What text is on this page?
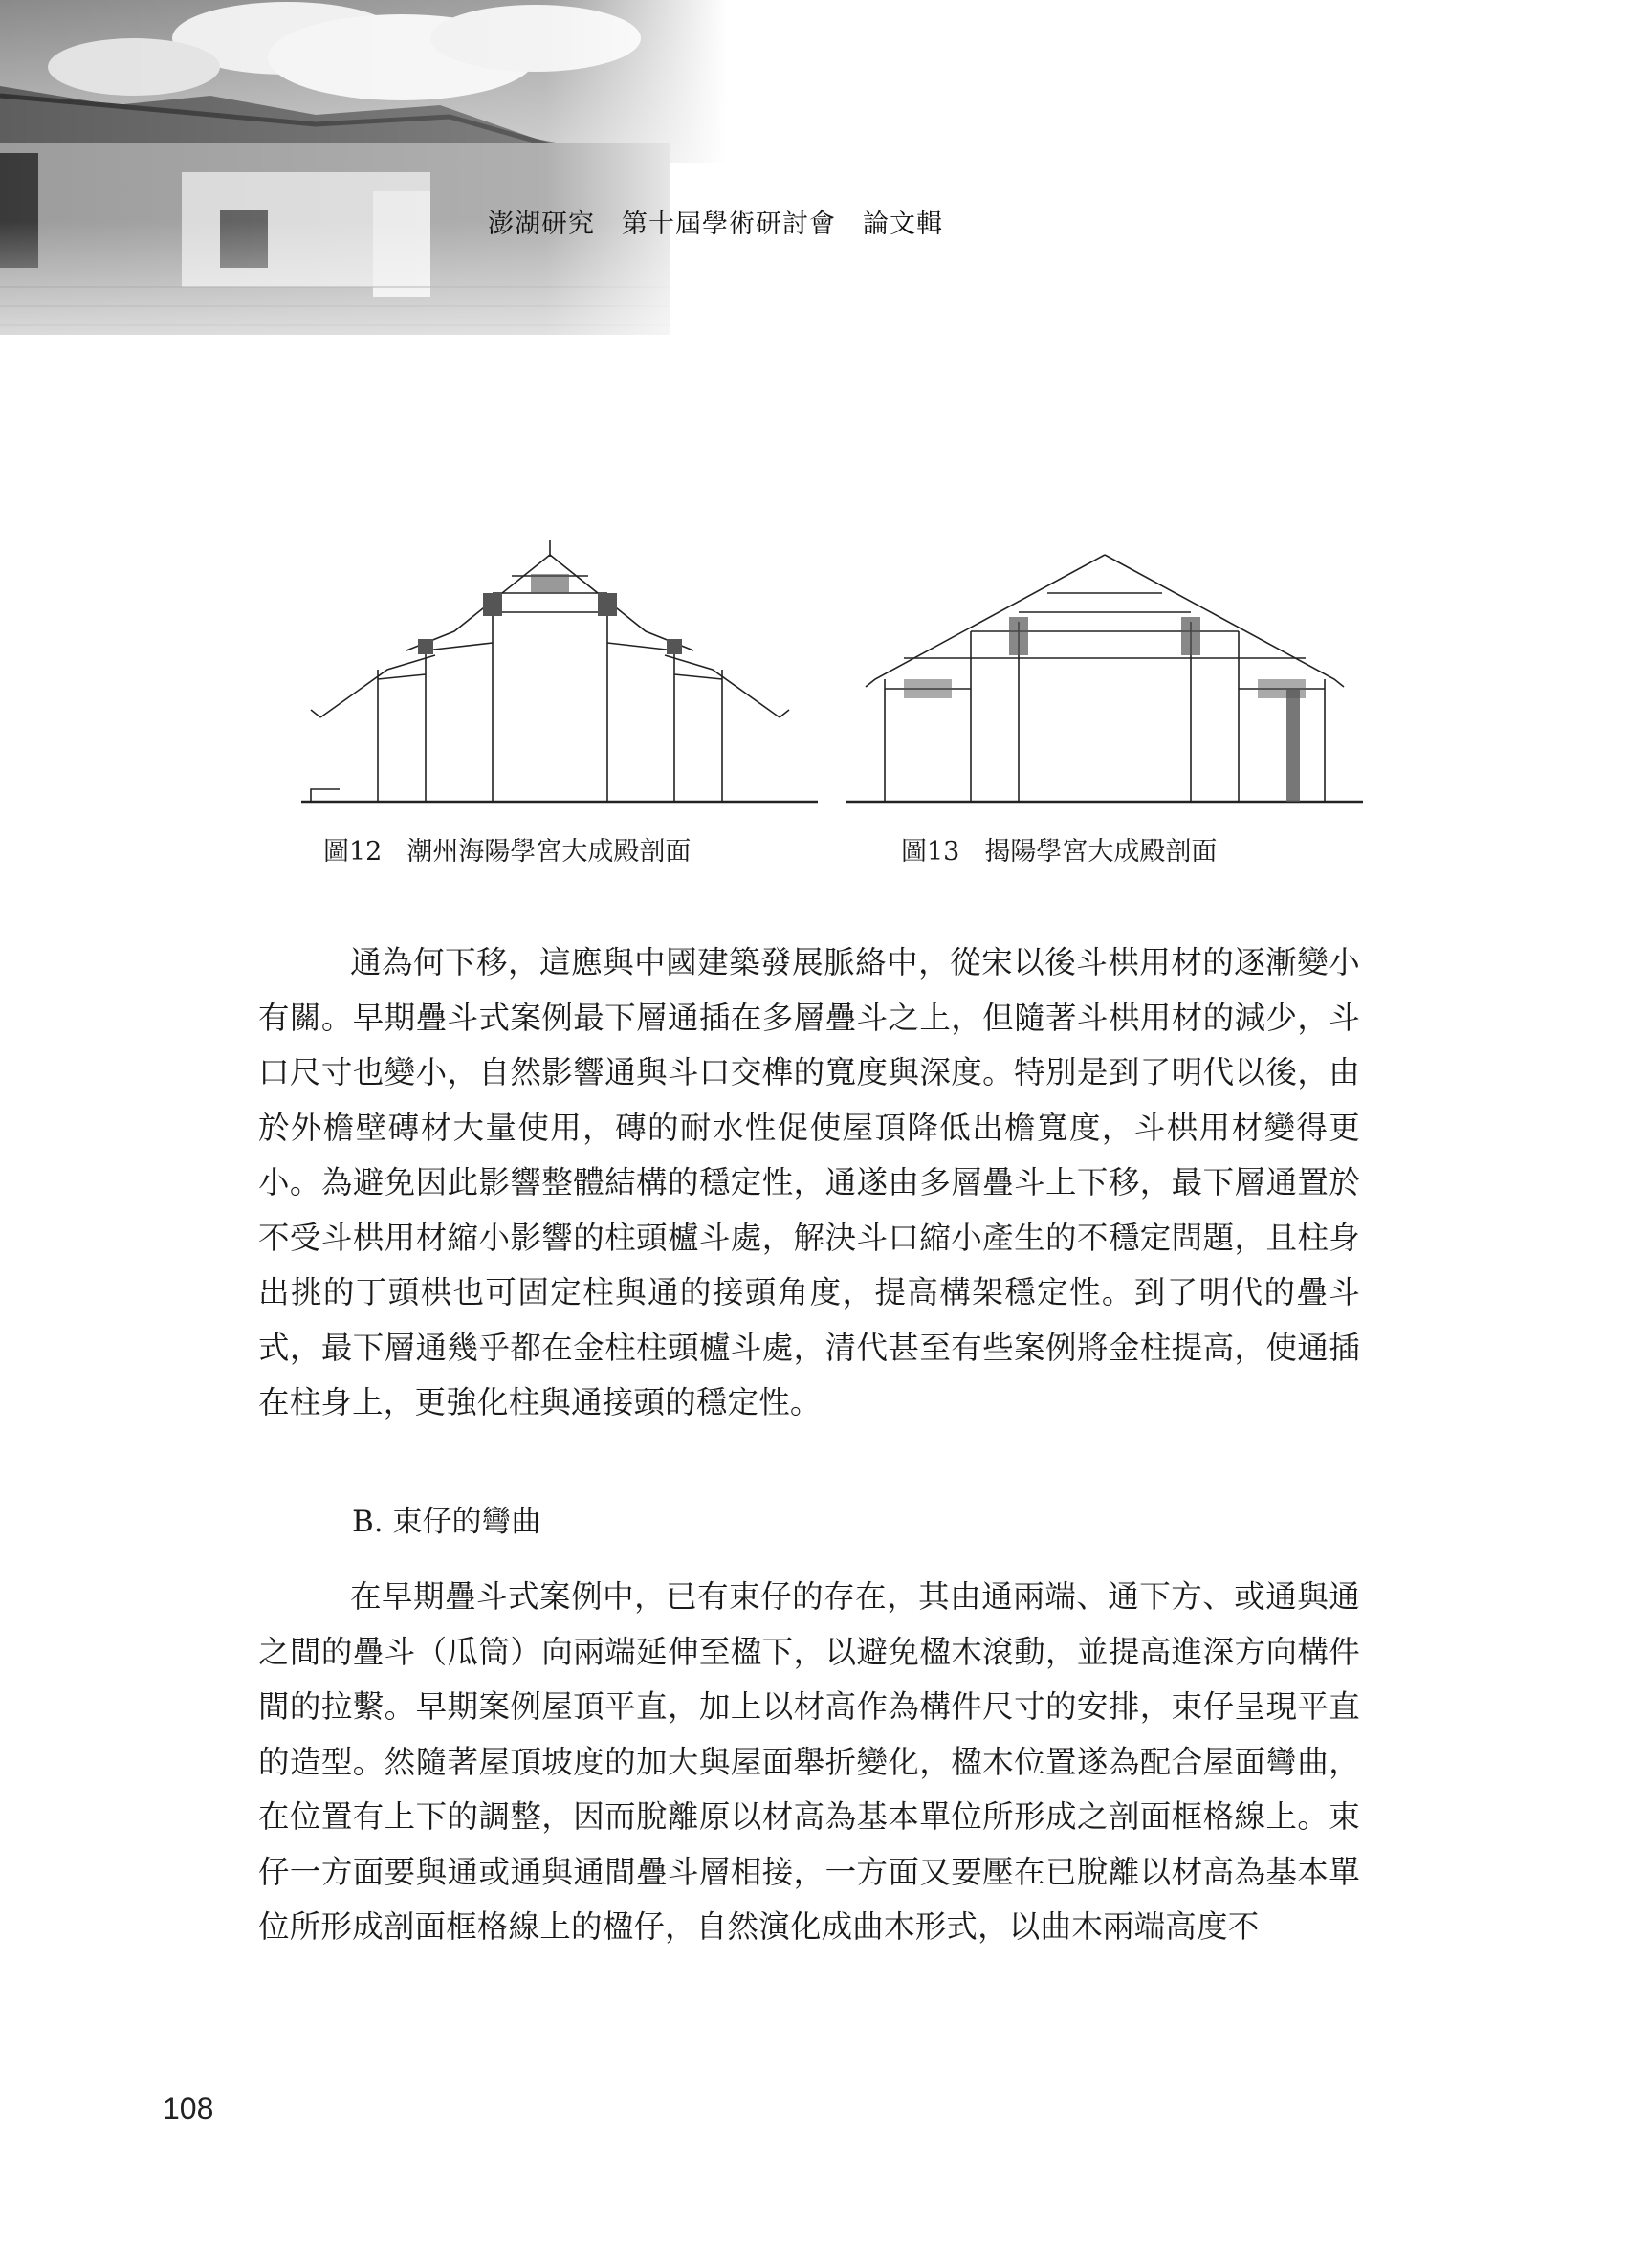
澎湖研究　第十屆學術研討會　論文輯
圖12 潮州海陽學宮大成殿剖面	圖13 揭陽學宮大成殿剖面

通為何下移，這應與中國建築發展脈絡中，從宋以後斗栱用材的逐漸變小有關。早期疊斗式案例最下層通插在多層疊斗之上，但隨著斗栱用材的減少，斗口尺寸也變小，自然影響通與斗口交榫的寬度與深度。特別是到了明代以後，由於外檐壁磚材大量使用，磚的耐水性促使屋頂降低出檐寬度，斗栱用材變得更小。為避免因此影響整體結構的穩定性，通遂由多層疊斗上下移，最下層通置於不受斗栱用材縮小影響的柱頭櫨斗處，解決斗口縮小產生的不穩定問題，且柱身出挑的丁頭栱也可固定柱與通的接頭角度，提高構架穩定性。到了明代的疊斗式，最下層通幾乎都在金柱柱頭櫨斗處，清代甚至有些案例將金柱提高，使通插在柱身上，更強化柱與通接頭的穩定性。

B. 束仔的彎曲

在早期疊斗式案例中，已有束仔的存在，其由通兩端、通下方、或通與通之間的疊斗（瓜筒）向兩端延伸至楹下，以避免楹木滾動，並提高進深方向構件間的拉繫。早期案例屋頂平直，加上以材高作為構件尺寸的安排，束仔呈現平直的造型。然隨著屋頂坡度的加大與屋面舉折變化，楹木位置遂為配合屋面彎曲，在位置有上下的調整，因而脫離原以材高為基本單位所形成之剖面框格線上。束仔一方面要與通或通與通間疊斗層相接，一方面又要壓在已脫離以材高為基本單位所形成剖面框格線上的楹仔，自然演化成曲木形式，以曲木兩端高度不

108
